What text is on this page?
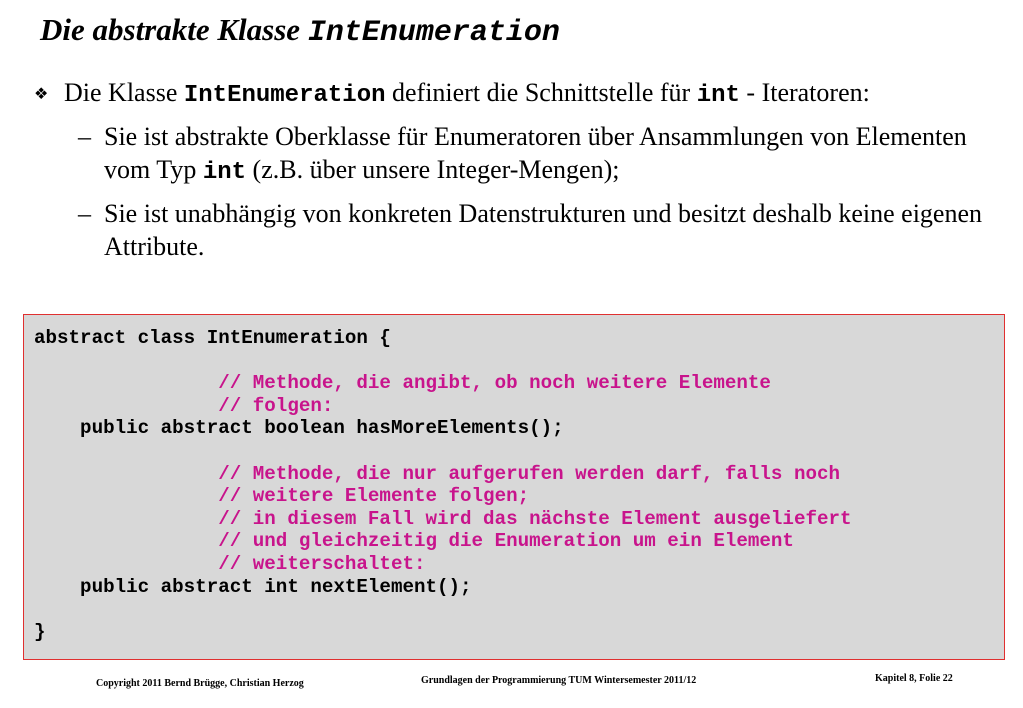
Die abstrakte Klasse IntEnumeration
❖ Die Klasse IntEnumeration definiert die Schnittstelle für int - Iteratoren:
– Sie ist abstrakte Oberklasse für Enumeratoren über Ansammlungen von Elementen vom Typ int (z.B. über unsere Integer-Mengen);
– Sie ist unabhängig von konkreten Datenstrukturen und besitzt deshalb keine eigenen Attribute.
abstract class IntEnumeration {
// Methode, die angibt, ob noch weitere Elemente
// folgen:
public abstract boolean hasMoreElements();
// Methode, die nur aufgerufen werden darf, falls noch
// weitere Elemente folgen;
// in diesem Fall wird das nächste Element ausgeliefert
// und gleichzeitig die Enumeration um ein Element
// weiterschaltet:
public abstract int nextElement();
}
Copyright 2011 Bernd Brügge, Christian Herzog	Grundlagen der Programmierung TUM Wintersemester 2011/12	Kapitel 8, Folie 22
